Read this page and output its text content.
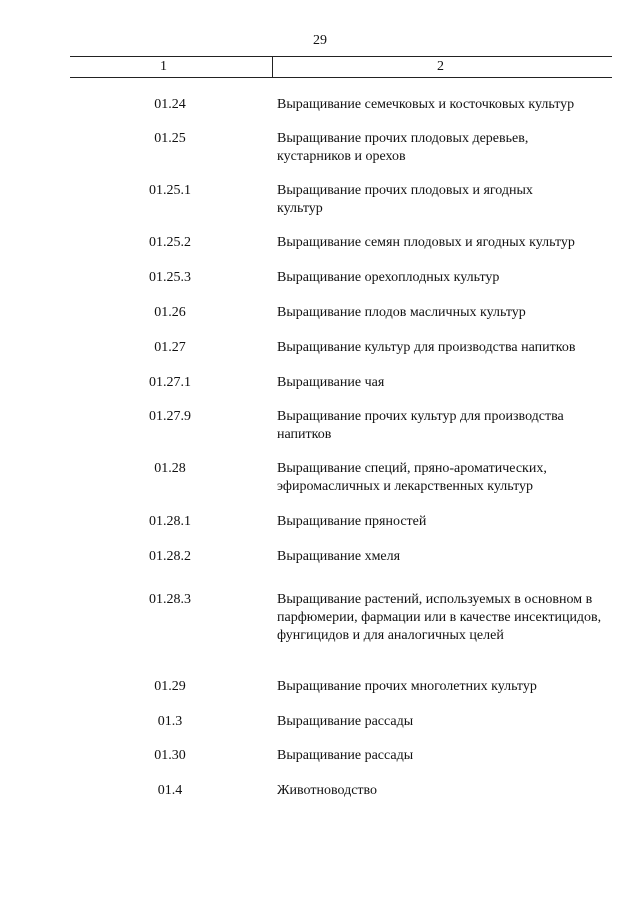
29
1	2
01.24	Выращивание семечковых и косточковых культур
01.25	Выращивание прочих плодовых деревьев, кустарников и орехов
01.25.1	Выращивание прочих плодовых и ягодных культур
01.25.2	Выращивание семян плодовых и ягодных культур
01.25.3	Выращивание орехоплодных культур
01.26	Выращивание плодов масличных культур
01.27	Выращивание культур для производства напитков
01.27.1	Выращивание чая
01.27.9	Выращивание прочих культур для производства напитков
01.28	Выращивание специй, пряно-ароматических, эфиромасличных и лекарственных культур
01.28.1	Выращивание пряностей
01.28.2	Выращивание хмеля
01.28.3	Выращивание растений, используемых в основном в парфюмерии, фармации или в качестве инсектицидов, фунгицидов и для аналогичных целей
01.29	Выращивание прочих многолетних культур
01.3	Выращивание рассады
01.30	Выращивание рассады
01.4	Животноводство
